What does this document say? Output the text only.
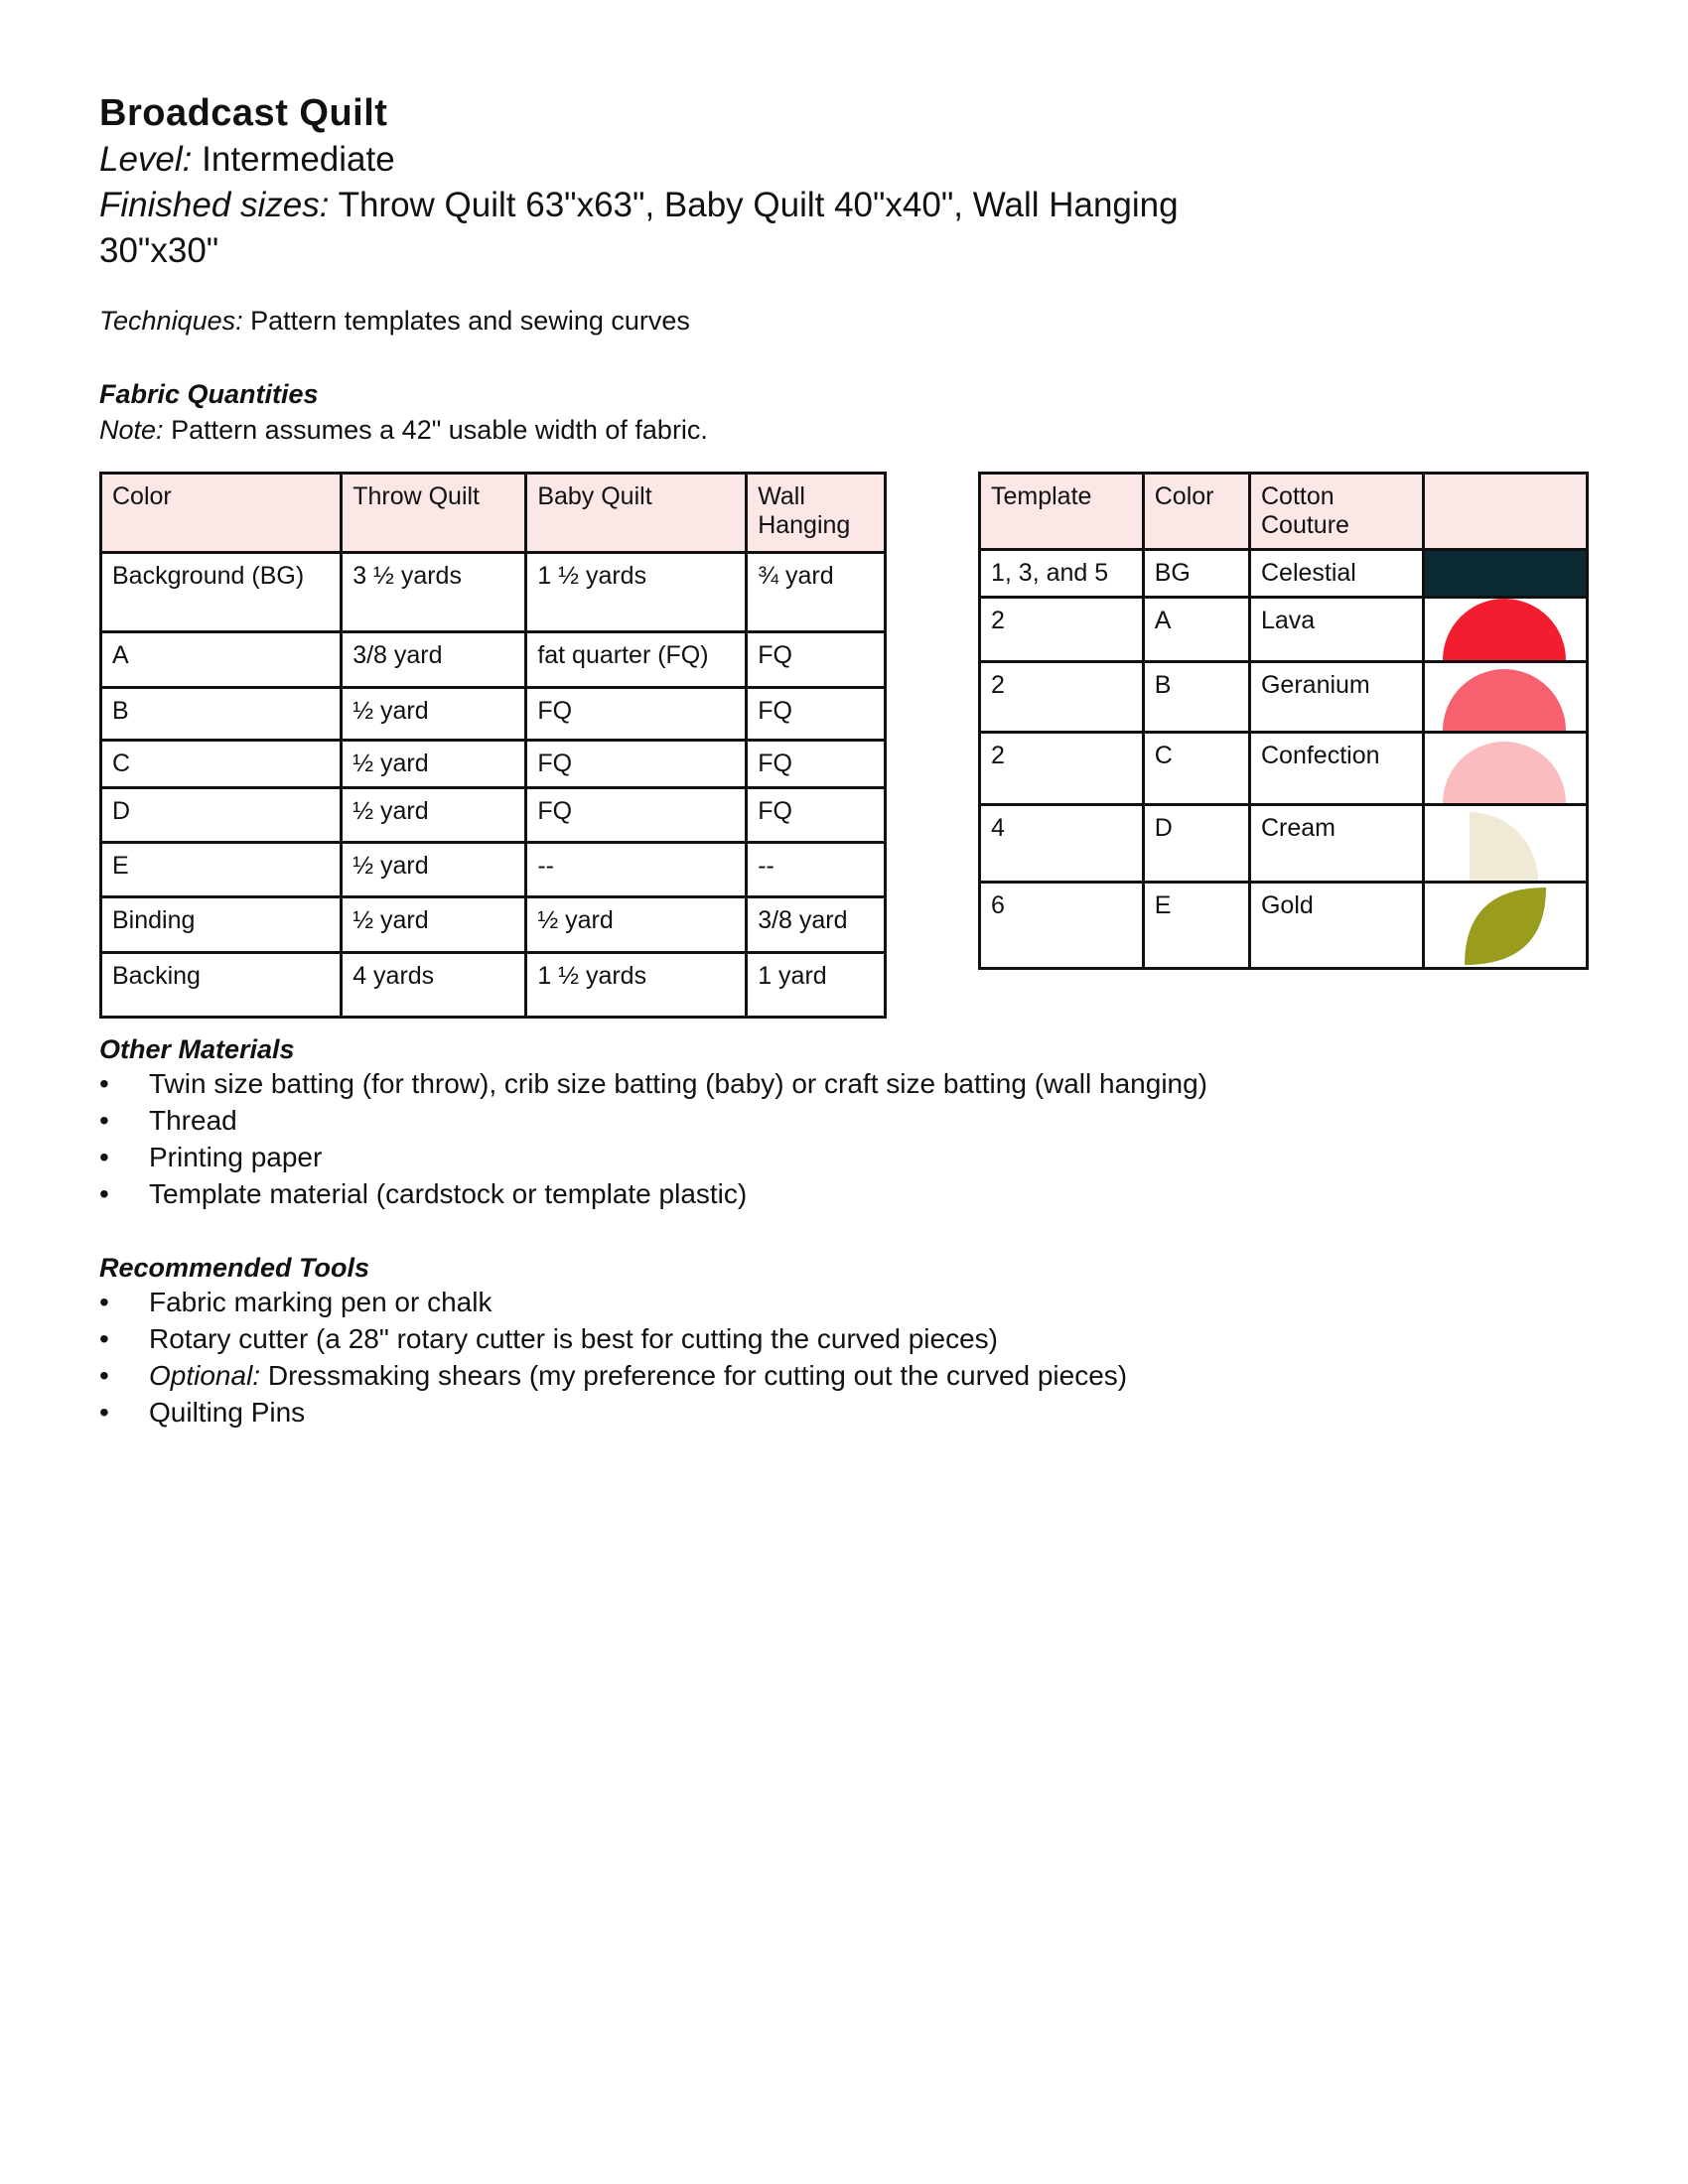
Broadcast Quilt
Level: Intermediate
Finished sizes: Throw Quilt 63"x63", Baby Quilt 40"x40", Wall Hanging
30"x30"
Techniques: Pattern templates and sewing curves
Fabric Quantities
Note: Pattern assumes a 42" usable width of fabric.
Color	Throw Quilt	Baby Quilt	Wall Hanging
Background (BG)	3 ½ yards	1 ½ yards	¾ yard
A	3/8 yard	fat quarter (FQ)	FQ
B	½ yard	FQ	FQ
C	½ yard	FQ	FQ
D	½ yard	FQ	FQ
E	½ yard	--	--
Binding	½ yard	½ yard	3/8 yard
Backing	4 yards	1 ½ yards	1 yard
Template	Color	Cotton Couture	
1, 3, and 5	BG	Celestial	
2	A	Lava	

2	B	Geranium	

2	C	Confection	

4	D	Cream	

6	E	Gold	
Other Materials
• Twin size batting (for throw), crib size batting (baby) or craft size batting (wall hanging)
• Thread
• Printing paper
• Template material (cardstock or template plastic)
Recommended Tools
• Fabric marking pen or chalk
• Rotary cutter (a 28" rotary cutter is best for cutting the curved pieces)
• Optional: Dressmaking shears (my preference for cutting out the curved pieces)
• Quilting Pins
